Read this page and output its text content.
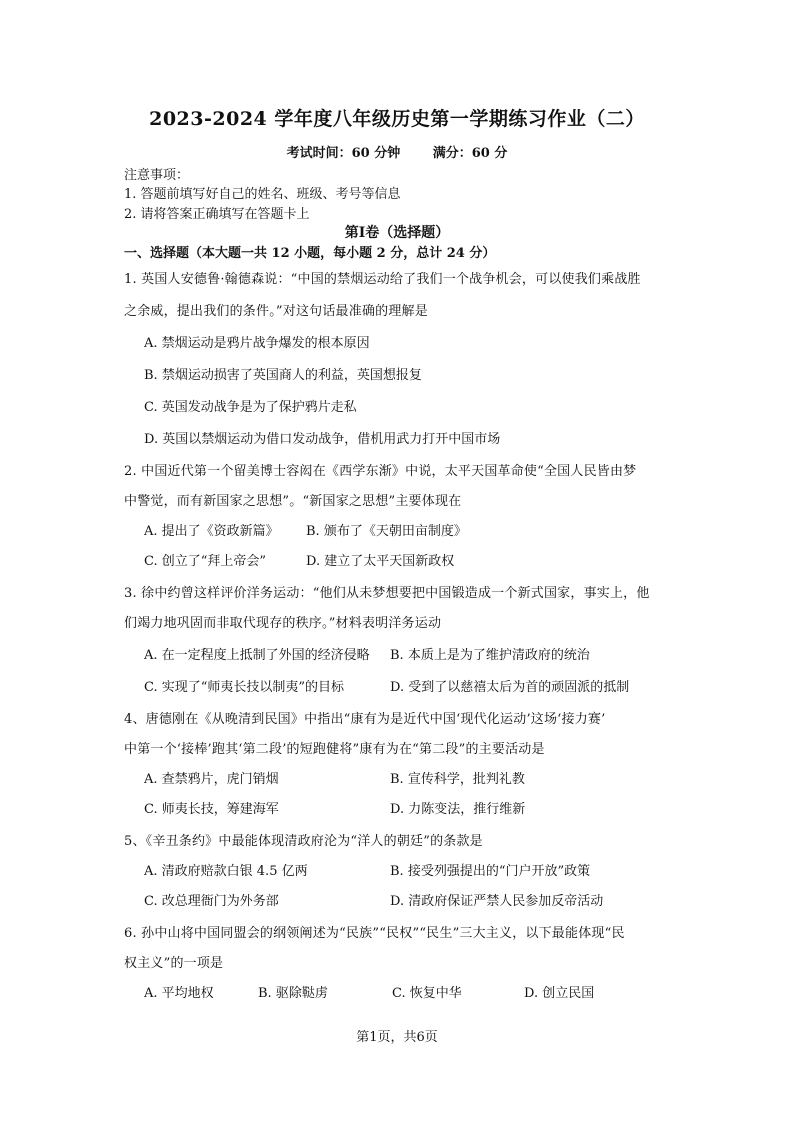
2023-2024 学年度八年级历史第一学期练习作业（二）
考试时间：60 分钟	满分：60 分
注意事项：
1. 答题前填写好自己的姓名、班级、考号等信息
2. 请将答案正确填写在答题卡上
第Ⅰ卷（选择题）
一、选择题（本大题一共 12 小题，每小题 2 分，总计 24 分）
1. 英国人安德鲁·翰德森说：“中国的禁烟运动给了我们一个战争机会，可以使我们乘战胜
之余威，提出我们的条件。”对这句话最准确的理解是
A. 禁烟运动是鸦片战争爆发的根本原因
B. 禁烟运动损害了英国商人的利益，英国想报复
C. 英国发动战争是为了保护鸦片走私
D. 英国以禁烟运动为借口发动战争，借机用武力打开中国市场
2. 中国近代第一个留美博士容闳在《西学东渐》中说，太平天国革命使“全国人民皆由梦
中警觉，而有新国家之思想”。“新国家之思想”主要体现在
A. 提出了《资政新篇》 B. 颁布了《天朝田亩制度》
C. 创立了“拜上帝会”	D. 建立了太平天国新政权
3. 徐中约曾这样评价洋务运动：“他们从未梦想要把中国锻造成一个新式国家，事实上，他
们竭力地巩固而非取代现存的秩序。”材料表明洋务运动
A. 在一定程度上抵制了外国的经济侵略 B. 本质上是为了维护清政府的统治
C. 实现了“师夷长技以制夷”的目标	D. 受到了以慈禧太后为首的顽固派的抵制
4、唐德刚在《从晚清到民国》中指出“康有为是近代中国‘现代化运动’这场‘接力赛’
中第一个‘接棒’跑其‘第二段’的短跑健将”康有为在“第二段”的主要活动是
A. 查禁鸦片，虎门销烟	B. 宣传科学，批判礼教
C. 师夷长技，筹建海军	D. 力陈变法，推行维新
5、《辛丑条约》中最能体现清政府沦为“洋人的朝廷”的条款是
A. 清政府赔款白银 4.5 亿两	B. 接受列强提出的“门户开放”政策
C. 改总理衙门为外务部	D. 清政府保证严禁人民参加反帝活动
6. 孙中山将中国同盟会的纲领阐述为“民族”“民权”“民生”三大主义，以下最能体现“民
权主义”的一项是
A. 平均地权	B. 驱除鞑虏	C. 恢复中华	D. 创立民国
第1页，共6页
